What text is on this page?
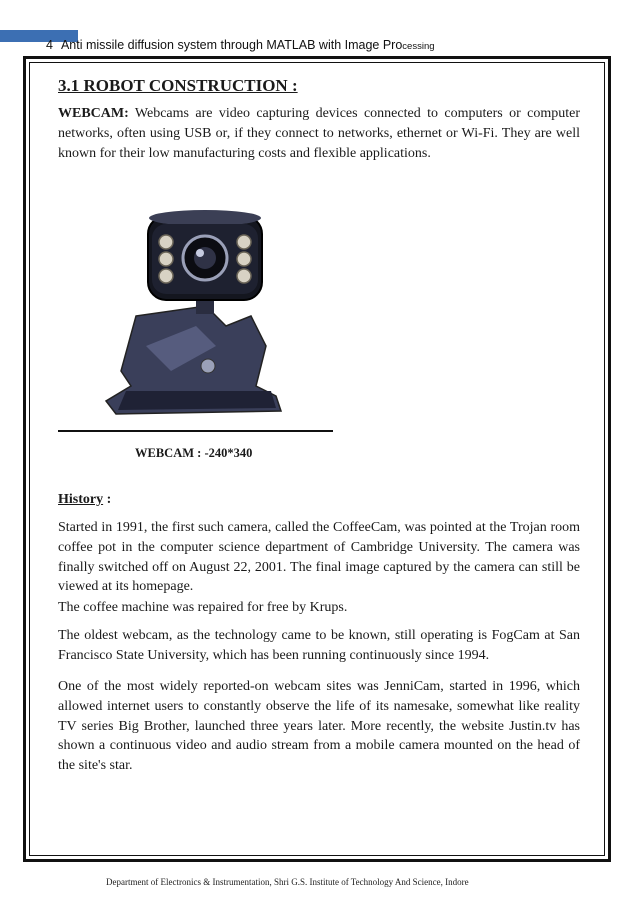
4 Anti missile diffusion system through MATLAB with Image Processing
3.1 ROBOT CONSTRUCTION :
WEBCAM: Webcams are video capturing devices connected to computers or computer networks, often using USB or, if they connect to networks, ethernet or Wi-Fi. They are well known for their low manufacturing costs and flexible applications.
WEBCAM : -240*340
History :
Started in 1991, the first such camera, called the CoffeeCam, was pointed at the Trojan room coffee pot in the computer science department of Cambridge University. The camera was finally switched off on August 22, 2001. The final image captured by the camera can still be viewed at its homepage.
The coffee machine was repaired for free by Krups.
The oldest webcam, as the technology came to be known, still operating is FogCam at San Francisco State University, which has been running continuously since 1994.
One of the most widely reported-on webcam sites was JenniCam, started in 1996, which allowed internet users to constantly observe the life of its namesake, somewhat like reality TV series Big Brother, launched three years later. More recently, the website Justin.tv has shown a continuous video and audio stream from a mobile camera mounted on the head of the site's star.
Department of Electronics & Instrumentation, Shri G.S. Institute of Technology And Science, Indore
